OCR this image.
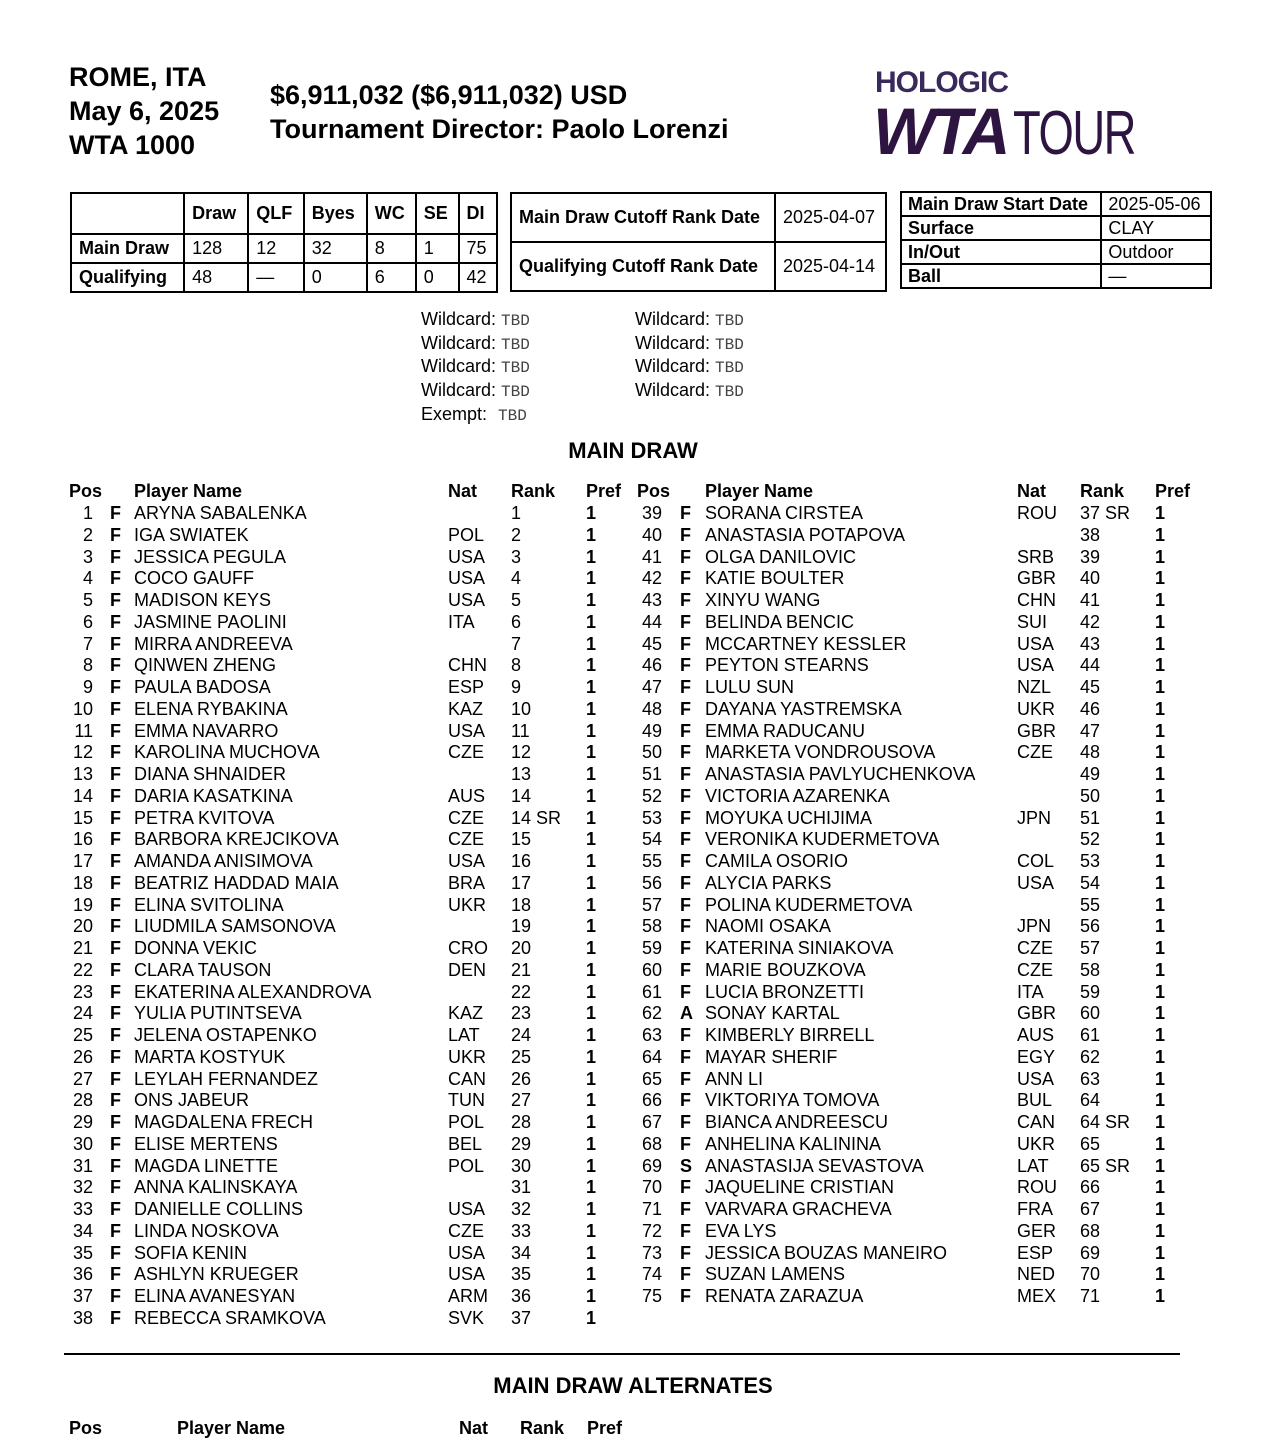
ROME, ITA
May 6, 2025
WTA 1000
$6,911,032 ($6,911,032) USD
Tournament Director: Paolo Lorenzi
HOLOGIC
WTA TOUR
	Draw	QLF	Byes	WC	SE	DI
Main Draw	128	12	32	8	1	75
Qualifying	48	—	0	6	0	42
Main Draw Cutoff Rank Date	2025-04-07
Qualifying Cutoff Rank Date	2025-04-14
Main Draw Start Date	2025-05-06
Surface	CLAY
In/Out	Outdoor
Ball	—
Wildcard: TBD
Wildcard: TBD
Wildcard: TBD
Wildcard: TBD
Exempt: TBD
Wildcard: TBD
Wildcard: TBD
Wildcard: TBD
Wildcard: TBD
MAIN DRAW
Pos Player Name	Nat Rank Pref Pos Player Name	Nat Rank Pref
1 F ARYNA SABALENKA	1	1
2 F IGA SWIATEK	POL 2	1
3 F JESSICA PEGULA	USA 3	1
4 F COCO GAUFF	USA 4	1
5 F MADISON KEYS	USA 5	1
6 F JASMINE PAOLINI	ITA 6	1
7 F MIRRA ANDREEVA	7	1
8 F QINWEN ZHENG	CHN 8	1
9 F PAULA BADOSA	ESP 9	1
10 F ELENA RYBAKINA	KAZ 10	1
11 F EMMA NAVARRO	USA 11	1
12 F KAROLINA MUCHOVA	CZE 12	1
13 F DIANA SHNAIDER	13	1
14 F DARIA KASATKINA	AUS 14	1
15 F PETRA KVITOVA	CZE 14 SR 1
16 F BARBORA KREJCIKOVA	CZE 15	1
17 F AMANDA ANISIMOVA	USA 16	1
18 F BEATRIZ HADDAD MAIA	BRA 17	1
19 F ELINA SVITOLINA	UKR 18	1
20 F LIUDMILA SAMSONOVA	19	1
21 F DONNA VEKIC	CRO 20	1
22 F CLARA TAUSON	DEN 21	1
23 F EKATERINA ALEXANDROVA	22	1
24 F YULIA PUTINTSEVA	KAZ 23	1
25 F JELENA OSTAPENKO	LAT 24	1
26 F MARTA KOSTYUK	UKR 25	1
27 F LEYLAH FERNANDEZ	CAN 26	1
28 F ONS JABEUR	TUN 27	1
29 F MAGDALENA FRECH	POL 28	1
30 F ELISE MERTENS	BEL 29	1
31 F MAGDA LINETTE	POL 30	1
32 F ANNA KALINSKAYA	31	1
33 F DANIELLE COLLINS	USA 32	1
34 F LINDA NOSKOVA	CZE 33	1
35 F SOFIA KENIN	USA 34	1
36 F ASHLYN KRUEGER	USA 35	1
37 F ELINA AVANESYAN	ARM 36	1
38 F REBECCA SRAMKOVA	SVK 37	1
39 F SORANA CIRSTEA	ROU 37 SR 1
40 F ANASTASIA POTAPOVA	38	1
41 F OLGA DANILOVIC	SRB 39	1
42 F KATIE BOULTER	GBR 40	1
43 F XINYU WANG	CHN 41	1
44 F BELINDA BENCIC	SUI 42	1
45 F MCCARTNEY KESSLER	USA 43	1
46 F PEYTON STEARNS	USA 44	1
47 F LULU SUN	NZL 45	1
48 F DAYANA YASTREMSKA	UKR 46	1
49 F EMMA RADUCANU	GBR 47	1
50 F MARKETA VONDROUSOVA	CZE 48	1
51 F ANASTASIA PAVLYUCHENKOVA	49	1
52 F VICTORIA AZARENKA	50	1
53 F MOYUKA UCHIJIMA	JPN 51	1
54 F VERONIKA KUDERMETOVA	52	1
55 F CAMILA OSORIO	COL 53	1
56 F ALYCIA PARKS	USA 54	1
57 F POLINA KUDERMETOVA	55	1
58 F NAOMI OSAKA	JPN 56	1
59 F KATERINA SINIAKOVA	CZE 57	1
60 F MARIE BOUZKOVA	CZE 58	1
61 F LUCIA BRONZETTI	ITA 59	1
62 A SONAY KARTAL	GBR 60	1
63 F KIMBERLY BIRRELL	AUS 61	1
64 F MAYAR SHERIF	EGY 62	1
65 F ANN LI	USA 63	1
66 F VIKTORIYA TOMOVA	BUL 64	1
67 F BIANCA ANDREESCU	CAN 64 SR 1
68 F ANHELINA KALININA	UKR 65	1
69 S ANASTASIJA SEVASTOVA	LAT 65 SR 1
70 F JAQUELINE CRISTIAN	ROU 66	1
71 F VARVARA GRACHEVA	FRA 67	1
72 F EVA LYS	GER 68	1
73 F JESSICA BOUZAS MANEIRO	ESP 69	1
74 F SUZAN LAMENS	NED 70	1
75 F RENATA ZARAZUA	MEX 71	1
MAIN DRAW ALTERNATES
Pos	Player Name	Nat Rank Pref
